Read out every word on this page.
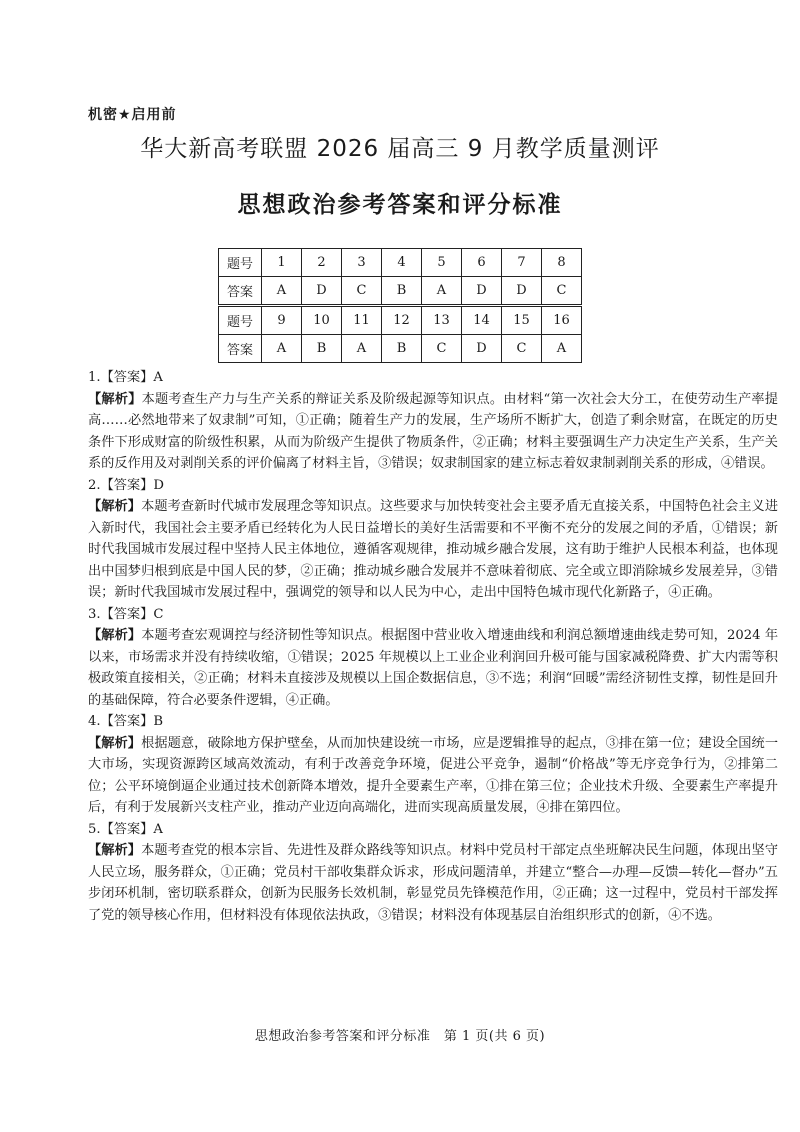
机密★启用前
华大新高考联盟 2026 届高三 9 月教学质量测评
思想政治参考答案和评分标准
题号	1	2	3	4	5	6	7	8
答案	A	D	C	B	A	D	D	C
题号	9	10	11	12	13	14	15	16
答案	A	B	A	B	C	D	C	A

1.【答案】A

【解析】本题考查生产力与生产关系的辩证关系及阶级起源等知识点。由材料“第一次社会大分工，在使劳动生产率提高……必然地带来了奴隶制”可知，①正确；随着生产力的发展，生产场所不断扩大，创造了剩余财富，在既定的历史条件下形成财富的阶级性积累，从而为阶级产生提供了物质条件，②正确；材料主要强调生产力决定生产关系，生产关系的反作用及对剥削关系的评价偏离了材料主旨，③错误；奴隶制国家的建立标志着奴隶制剥削关系的形成，④错误。

2.【答案】D

【解析】本题考查新时代城市发展理念等知识点。这些要求与加快转变社会主要矛盾无直接关系，中国特色社会主义进入新时代，我国社会主要矛盾已经转化为人民日益增长的美好生活需要和不平衡不充分的发展之间的矛盾，①错误；新时代我国城市发展过程中坚持人民主体地位，遵循客观规律，推动城乡融合发展，这有助于维护人民根本利益，也体现出中国梦归根到底是中国人民的梦，②正确；推动城乡融合发展并不意味着彻底、完全或立即消除城乡发展差异，③错误；新时代我国城市发展过程中，强调党的领导和以人民为中心，走出中国特色城市现代化新路子，④正确。

3.【答案】C

【解析】本题考查宏观调控与经济韧性等知识点。根据图中营业收入增速曲线和利润总额增速曲线走势可知，2024 年以来，市场需求并没有持续收缩，①错误；2025 年规模以上工业企业利润回升极可能与国家减税降费、扩大内需等积极政策直接相关，②正确；材料未直接涉及规模以上国企数据信息，③不选；利润“回暖”需经济韧性支撑，韧性是回升的基础保障，符合必要条件逻辑，④正确。

4.【答案】B

【解析】根据题意，破除地方保护壁垒，从而加快建设统一市场，应是逻辑推导的起点，③排在第一位；建设全国统一大市场，实现资源跨区域高效流动，有利于改善竞争环境，促进公平竞争，遏制“价格战”等无序竞争行为，②排第二位；公平环境倒逼企业通过技术创新降本增效，提升全要素生产率，①排在第三位；企业技术升级、全要素生产率提升后，有利于发展新兴支柱产业，推动产业迈向高端化，进而实现高质量发展，④排在第四位。

5.【答案】A

【解析】本题考查党的根本宗旨、先进性及群众路线等知识点。材料中党员村干部定点坐班解决民生问题，体现出坚守人民立场，服务群众，①正确；党员村干部收集群众诉求，形成问题清单，并建立“整合—办理—反馈—转化—督办”五步闭环机制，密切联系群众，创新为民服务长效机制，彰显党员先锋模范作用，②正确；这一过程中，党员村干部发挥了党的领导核心作用，但材料没有体现依法执政，③错误；材料没有体现基层自治组织形式的创新，④不选。

思想政治参考答案和评分标准　第 1 页(共 6 页)
